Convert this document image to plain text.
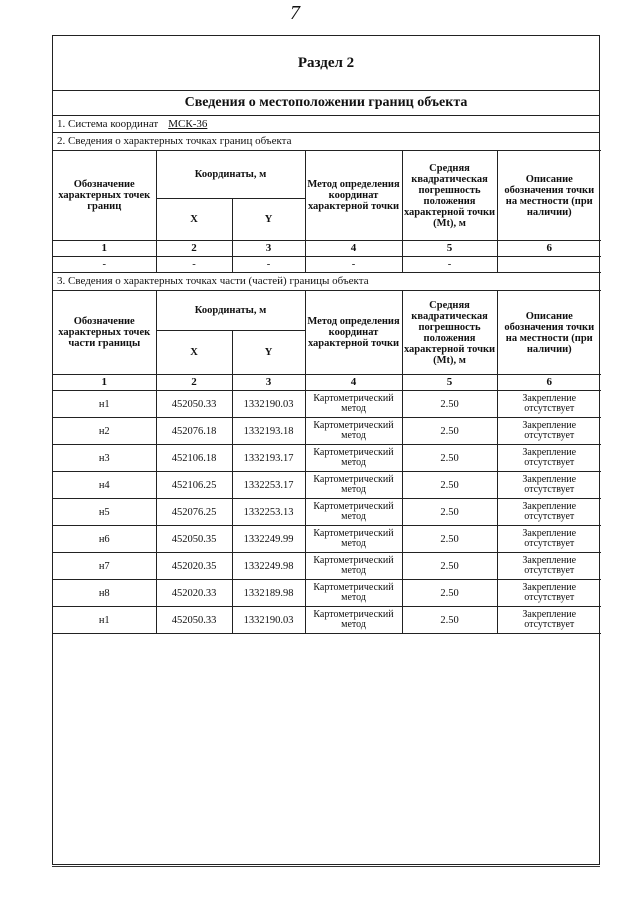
7
Раздел 2
Сведения о местоположении границ объекта
1. Система координат МСК-36
2. Сведения о характерных точках границ объекта
Обозначение характерных точек границ	Координаты, м		Метод определения координат характерной точки	Средняя квадратическая погрешность положения характерной точки (Mt), м	Описание обозначения точки на местности (при наличии)
	X	Y			
1	2	3	4	5	6
-	-	-	-	-	
3. Сведения о характерных точках части (частей) границы объекта
Обозначение характерных точек части границы	Координаты, м		Метод определения координат характерной точки	Средняя квадратическая погрешность положения характерной точки (Mt), м	Описание обозначения точки на местности (при наличии)
	X	Y			
1	2	3	4	5	6
н1	452050.33	1332190.03	Картометрический метод	2.50	Закрепление отсутствует
н2	452076.18	1332193.18	Картометрический метод	2.50	Закрепление отсутствует
н3	452106.18	1332193.17	Картометрический метод	2.50	Закрепление отсутствует
н4	452106.25	1332253.17	Картометрический метод	2.50	Закрепление отсутствует
н5	452076.25	1332253.13	Картометрический метод	2.50	Закрепление отсутствует
н6	452050.35	1332249.99	Картометрический метод	2.50	Закрепление отсутствует
н7	452020.35	1332249.98	Картометрический метод	2.50	Закрепление отсутствует
н8	452020.33	1332189.98	Картометрический метод	2.50	Закрепление отсутствует
н1	452050.33	1332190.03	Картометрический метод	2.50	Закрепление отсутствует
